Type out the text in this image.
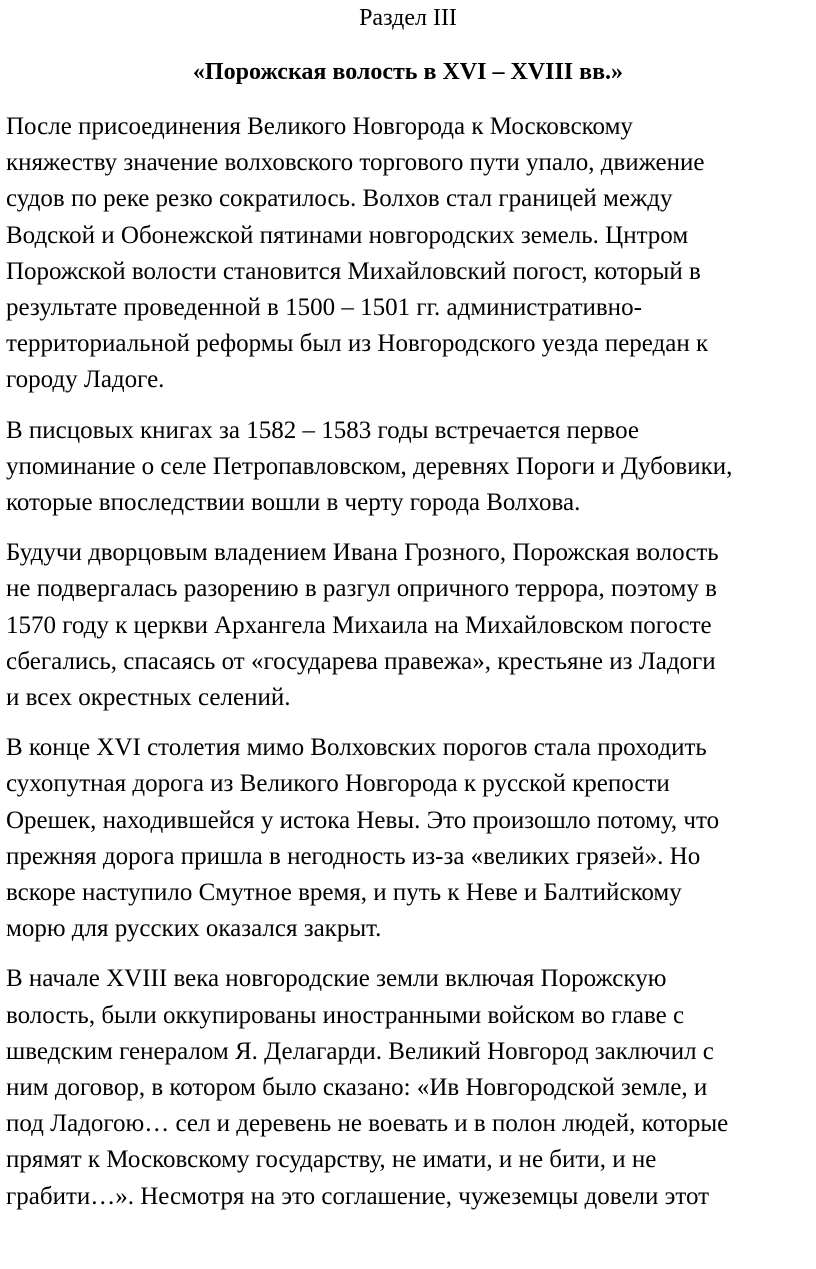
Раздел III
«Порожская волость в XVI – XVIII вв.»

После присоединения Великого Новгорода к Московскому
княжеству значение волховского торгового пути упало, движение
судов по реке резко сократилось. Волхов стал границей между
Водской и Обонежской пятинами новгородских земель. Цнтром
Порожской волости становится Михайловский погост, который в
результате проведенной в 1500 – 1501 гг. административно-
территориальной реформы был из Новгородского уезда передан к
городу Ладоге.

В писцовых книгах за 1582 – 1583 годы встречается первое
упоминание о селе Петропавловском, деревнях Пороги и Дубовики,
которые впоследствии вошли в черту города Волхова.

Будучи дворцовым владением Ивана Грозного, Порожская волость
не подвергалась разорению в разгул опричного террора, поэтому в
1570 году к церкви Архангела Михаила на Михайловском погосте
сбегались, спасаясь от «государева правежа», крестьяне из Ладоги
и всех окрестных селений.

В конце XVI столетия мимо Волховских порогов стала проходить
сухопутная дорога из Великого Новгорода к русской крепости
Орешек, находившейся у истока Невы. Это произошло потому, что
прежняя дорога пришла в негодность из-за «великих грязей». Но
вскоре наступило Смутное время, и путь к Неве и Балтийскому
морю для русских оказался закрыт.

В начале XVIII века новгородские земли включая Порожскую
волость, были оккупированы иностранными войском во главе с
шведским генералом Я. Делагарди. Великий Новгород заключил с
ним договор, в котором было сказано: «Ив Новгородской земле, и
под Ладогою… сел и деревень не воевать и в полон людей, которые
прямят к Московскому государству, не имати, и не бити, и не
грабити…». Несмотря на это соглашение, чужеземцы довели этот
